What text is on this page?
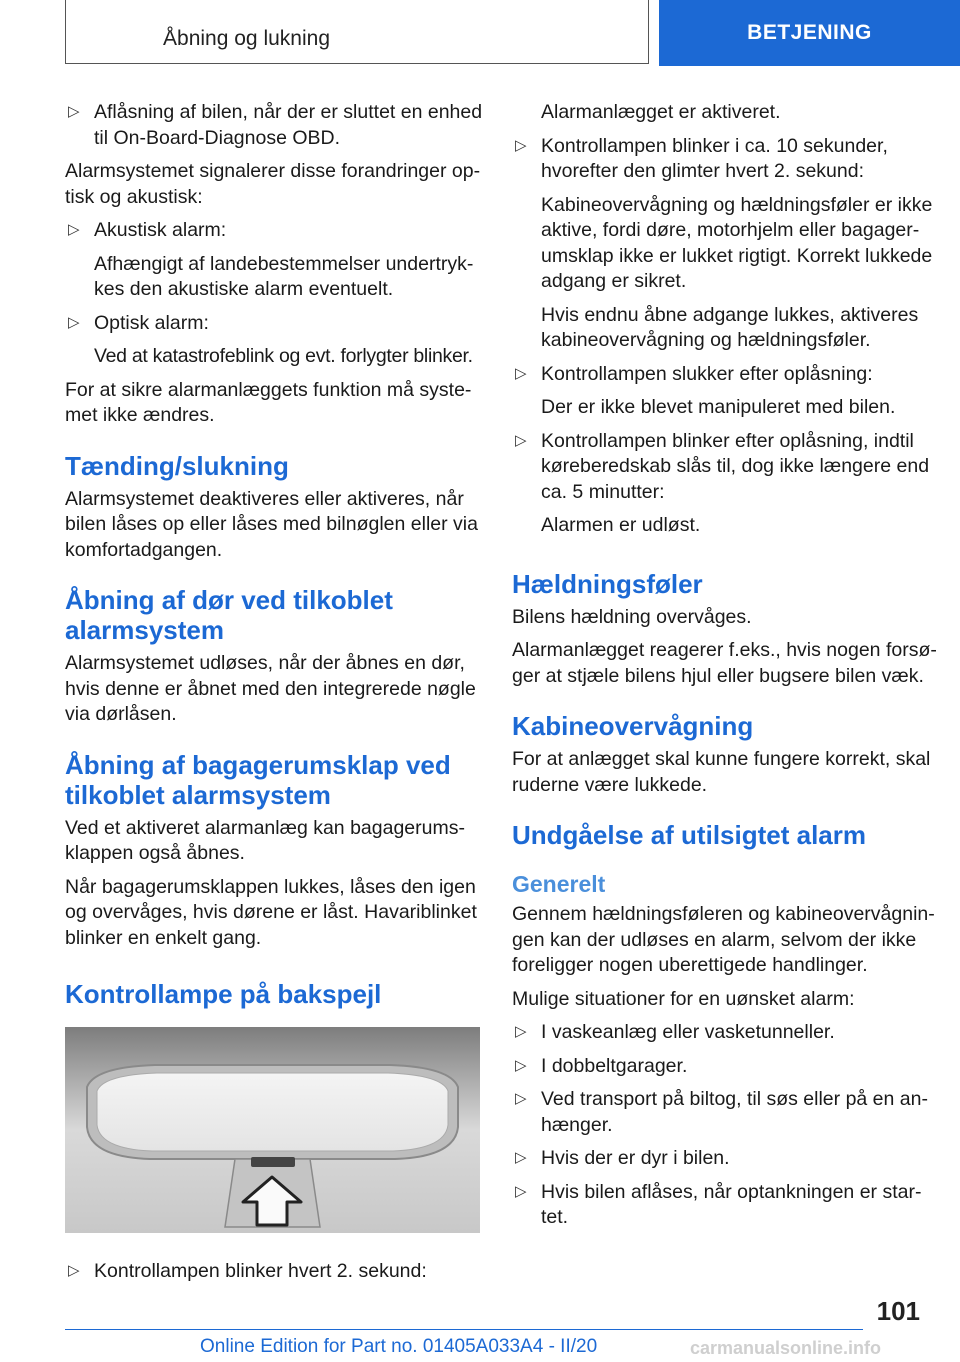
Åbning og lukning	BETJENING
▷ Aflåsning af bilen, når der er sluttet en enhed til On-Board-Diagnose OBD.

Alarmsystemet signalerer disse forandringer optisk og akustisk:

▷ Akustisk alarm:
Afhængigt af landebestemmelser undertrykkes den akustiske alarm eventuelt.
▷ Optisk alarm:
Ved at katastrofeblink og evt. forlygter blinker.

For at sikre alarmanlæggets funktion må systemet ikke ændres.

Tænding/slukning

Alarmsystemet deaktiveres eller aktiveres, når bilen låses op eller låses med bilnøglen eller via komfortadgangen.

Åbning af dør ved tilkoblet alarmsystem

Alarmsystemet udløses, når der åbnes en dør, hvis denne er åbnet med den integrerede nøgle via dørlåsen.

Åbning af bagagerumsklap ved tilkoblet alarmsystem

Ved et aktiveret alarmanlæg kan bagagerumsklappen også åbnes.

Når bagagerumsklappen lukkes, låses den igen og overvåges, hvis dørene er låst. Havariblinket blinker en enkelt gang.

Kontrollampe på bakspejl
▷ Kontrollampen blinker hvert 2. sekund:

Alarmanlægget er aktiveret.

▷ Kontrollampen blinker i ca. 10 sekunder, hvorefter den glimter hvert 2. sekund:
Kabineovervågning og hældningsføler er ikke aktive, fordi døre, motorhjelm eller bagagerumsklap ikke er lukket rigtigt. Korrekt lukkede adgang er sikret.
Hvis endnu åbne adgange lukkes, aktiveres kabineovervågning og hældningsføler.
▷ Kontrollampen slukker efter oplåsning:
Der er ikke blevet manipuleret med bilen.
▷ Kontrollampen blinker efter oplåsning, indtil køreberedskab slås til, dog ikke længere end ca. 5 minutter:
Alarmen er udløst.
Hældningsføler

Bilens hældning overvåges.

Alarmanlægget reagerer f.eks., hvis nogen forsøger at stjæle bilens hjul eller bugsere bilen væk.

Kabineovervågning

For at anlægget skal kunne fungere korrekt, skal ruderne være lukkede.

Undgåelse af utilsigtet alarm
Generelt

Gennem hældningsføleren og kabineovervågningen kan der udløses en alarm, selvom der ikke foreligger nogen uberettigede handlinger.

Mulige situationer for en uønsket alarm:

▷ I vaskeanlæg eller vasketunneller.
▷ I dobbeltgarager.
▷ Ved transport på biltog, til søs eller på en anhænger.
▷ Hvis der er dyr i bilen.
▷ Hvis bilen aflåses, når optankningen er startet.
101
carmanualsonline.info
Online Edition for Part no. 01405A033A4 - II/20
